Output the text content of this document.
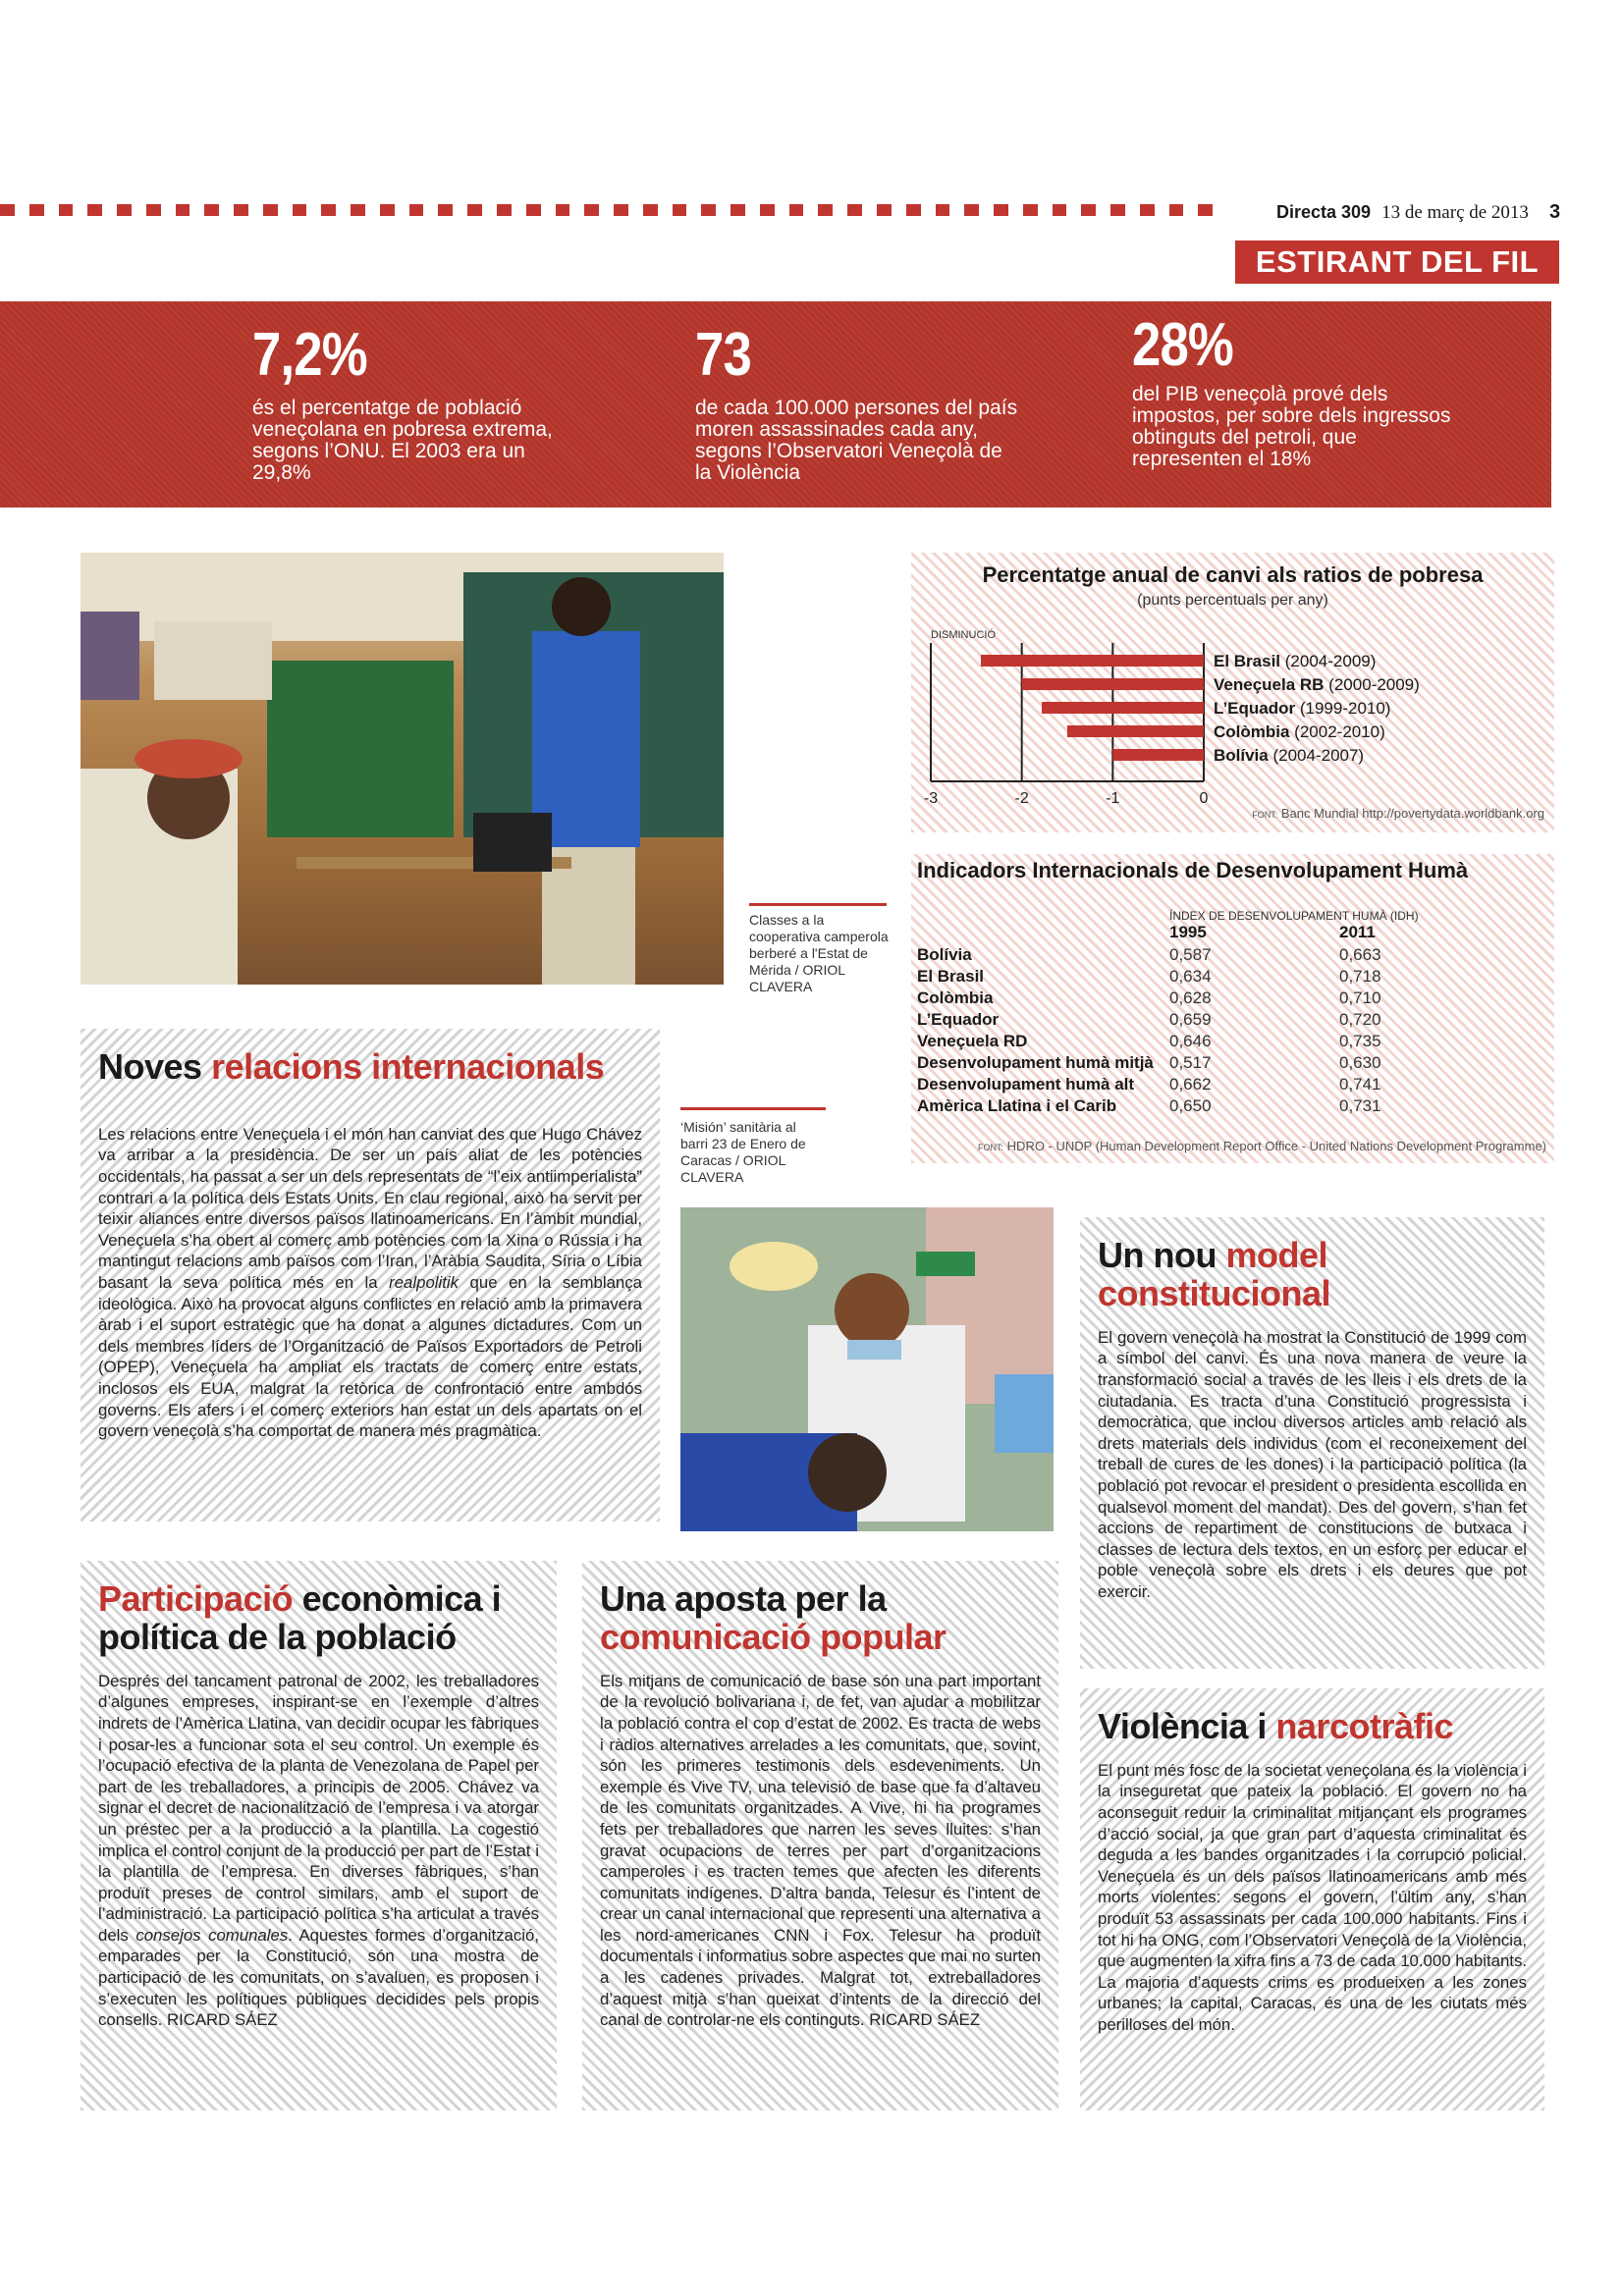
Directa 309 13 de març de 2013 3
ESTIRANT DEL FIL
7,2%
és el percentatge de població veneçolana en pobresa extrema, segons l’ONU. El 2003 era un 29,8%
73
de cada 100.000 persones del país moren assassinades cada any, segons l’Observatori Veneçolà de la Violència
28%
del PIB veneçolà prové dels impostos, per sobre dels ingressos obtinguts del petroli, que representen el 18%
Classes a la cooperativa camperola berberé a l'Estat de Mérida / ORIOL CLAVERA
Percentatge anual de canvi als ratios de pobresa
(punts percentuals per any)
DISMINUCIÓ
-3	-2	-1	0
El Brasil (2004-2009)
Veneçuela RB (2000-2009)
L’Equador (1999-2010)
Colòmbia (2002-2010)
Bolívia (2004-2007)
FONT: Banc Mundial http://povertydata.worldbank.org
Indicadors Internacionals de Desenvolupament Humà
ÍNDEX DE DESENVOLUPAMENT HUMÀ (IDH)
1995	2011
Bolívia	0,587	0,663
El Brasil	0,634	0,718
Colòmbia	0,628	0,710
L’Equador	0,659	0,720
Veneçuela RD	0,646	0,735
Desenvolupament humà mitjà 0,517	0,630
Desenvolupament humà alt	0,662	0,741
Amèrica Llatina i el Carib	0,650	0,731
FONT: HDRO - UNDP (Human Development Report Office - United Nations Development Programme)
Noves relacions internacionals
Les relacions entre Veneçuela i el món han canviat des que Hugo Chávez va arribar a la presidència. De ser un país aliat de les potències occidentals, ha passat a ser un dels representats de “l’eix antiimperialista” contrari a la política dels Estats Units. En clau regional, això ha servit per teixir aliances entre diversos països llatinoamericans. En l’àmbit mundial, Veneçuela s’ha obert al comerç amb potències com la Xina o Rússia i ha mantingut relacions amb països com l’Iran, l’Aràbia Saudita, Síria o Líbia basant la seva política més en la realpolitik que en la semblança ideològica. Això ha provocat alguns conflictes en relació amb la primavera àrab i el suport estratègic que ha donat a algunes dictadures. Com un dels membres líders de l’Organització de Països Exportadors de Petroli (OPEP), Veneçuela ha ampliat els tractats de comerç entre estats, inclosos els EUA, malgrat la retòrica de confrontació entre ambdós governs. Els afers i el comerç exteriors han estat un dels apartats on el govern veneçolà s’ha comportat de manera més pragmàtica.
‘Misión’ sanitària al barri 23 de Enero de Caracas / ORIOL CLAVERA
Un nou model constitucional
El govern veneçolà ha mostrat la Constitució de 1999 com a símbol del canvi. És una nova manera de veure la transformació social a través de les lleis i els drets de la ciutadania. Es tracta d’una Constitució progressista i democràtica, que inclou diversos articles amb relació als drets materials dels individus (com el reconeixement del treball de cures de les dones) i la participació política (la població pot revocar el president o presidenta escollida en qualsevol moment del mandat). Des del govern, s’han fet accions de repartiment de constitucions de butxaca i classes de lectura dels textos, en un esforç per educar el poble veneçolà sobre els drets i els deures que pot exercir.
Participació econòmica i política de la població
Després del tancament patronal de 2002, les treballadores d’algunes empreses, inspirant-se en l’exemple d’altres indrets de l’Amèrica Llatina, van decidir ocupar les fàbriques i posar-les a funcionar sota el seu control. Un exemple és l’ocupació efectiva de la planta de Venezolana de Papel per part de les treballadores, a principis de 2005. Chávez va signar el decret de nacionalització de l’empresa i va atorgar un préstec per a la producció a la plantilla. La cogestió implica el control conjunt de la producció per part de l’Estat i la plantilla de l’empresa. En diverses fàbriques, s’han produït preses de control similars, amb el suport de l’administració. La participació política s’ha articulat a través dels consejos comunales. Aquestes formes d’organització, emparades per la Constitució, són una mostra de participació de les comunitats, on s’avaluen, es proposen i s’executen les polítiques públiques decidides pels propis consells. RICARD SÁEZ
Una aposta per la comunicació popular
Els mitjans de comunicació de base són una part important de la revolució bolivariana i, de fet, van ajudar a mobilitzar la població contra el cop d’estat de 2002. Es tracta de webs i ràdios alternatives arrelades a les comunitats, que, sovint, són les primeres testimonis dels esdeveniments. Un exemple és Vive TV, una televisió de base que fa d’altaveu de les comunitats organitzades. A Vive, hi ha programes fets per treballadores que narren les seves lluites: s’han gravat ocupacions de terres per part d’organitzacions camperoles i es tracten temes que afecten les diferents comunitats indígenes. D’altra banda, Telesur és l’intent de crear un canal internacional que representi una alternativa a les nord-americanes CNN i Fox. Telesur ha produït documentals i informatius sobre aspectes que mai no surten a les cadenes privades. Malgrat tot, extreballadores d’aquest mitjà s’han queixat d’intents de la direcció del canal de controlar-ne els continguts. RICARD SÁEZ
Violència i narcotràfic
El punt més fosc de la societat veneçolana és la violència i la inseguretat que pateix la població. El govern no ha aconseguit reduir la criminalitat mitjançant els programes d’acció social, ja que gran part d’aquesta criminalitat és deguda a les bandes organitzades i la corrupció policial. Veneçuela és un dels països llatinoamericans amb més morts violentes: segons el govern, l’últim any, s’han produït 53 assassinats per cada 100.000 habitants. Fins i tot hi ha ONG, com l’Observatori Veneçolà de la Violència, que augmenten la xifra fins a 73 de cada 10.000 habitants. La majoria d’aquests crims es produeixen a les zones urbanes; la capital, Caracas, és una de les ciutats més perilloses del món.
